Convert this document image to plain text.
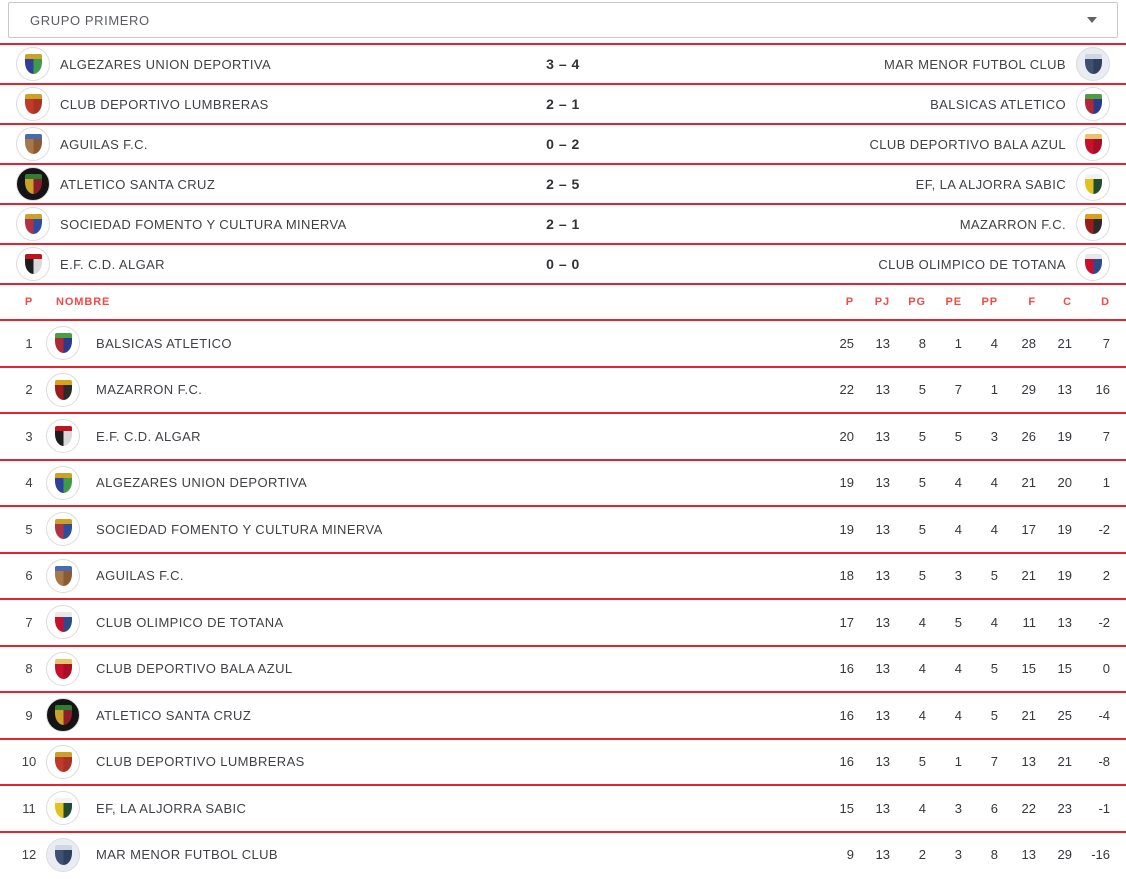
GRUPO PRIMERO
ALGEZARES UNION DEPORTIVA	3 – 4	MAR MENOR FUTBOL CLUB
CLUB DEPORTIVO LUMBRERAS	2 – 1	BALSICAS ATLETICO
AGUILAS F.C.	0 – 2	CLUB DEPORTIVO BALA AZUL
ATLETICO SANTA CRUZ	2 – 5	EF, LA ALJORRA SABIC
SOCIEDAD FOMENTO Y CULTURA MINERVA	2 – 1	MAZARRON F.C.
E.F. C.D. ALGAR	0 – 0	CLUB OLIMPICO DE TOTANA
P	NOMBRE	P	PJ	PG	PE	PP	F	C	D
1	BALSICAS ATLETICO	25	13	8	1	4	28	21	7
2	MAZARRON F.C.	22	13	5	7	1	29	13	16
3	E.F. C.D. ALGAR	20	13	5	5	3	26	19	7
4	ALGEZARES UNION DEPORTIVA	19	13	5	4	4	21	20	1
5	SOCIEDAD FOMENTO Y CULTURA MINERVA	19	13	5	4	4	17	19	-2
6	AGUILAS F.C.	18	13	5	3	5	21	19	2
7	CLUB OLIMPICO DE TOTANA	17	13	4	5	4	11	13	-2
8	CLUB DEPORTIVO BALA AZUL	16	13	4	4	5	15	15	0
9	ATLETICO SANTA CRUZ	16	13	4	4	5	21	25	-4
10	CLUB DEPORTIVO LUMBRERAS	16	13	5	1	7	13	21	-8
11	EF, LA ALJORRA SABIC	15	13	4	3	6	22	23	-1
12	MAR MENOR FUTBOL CLUB	9	13	2	3	8	13	29	-16
